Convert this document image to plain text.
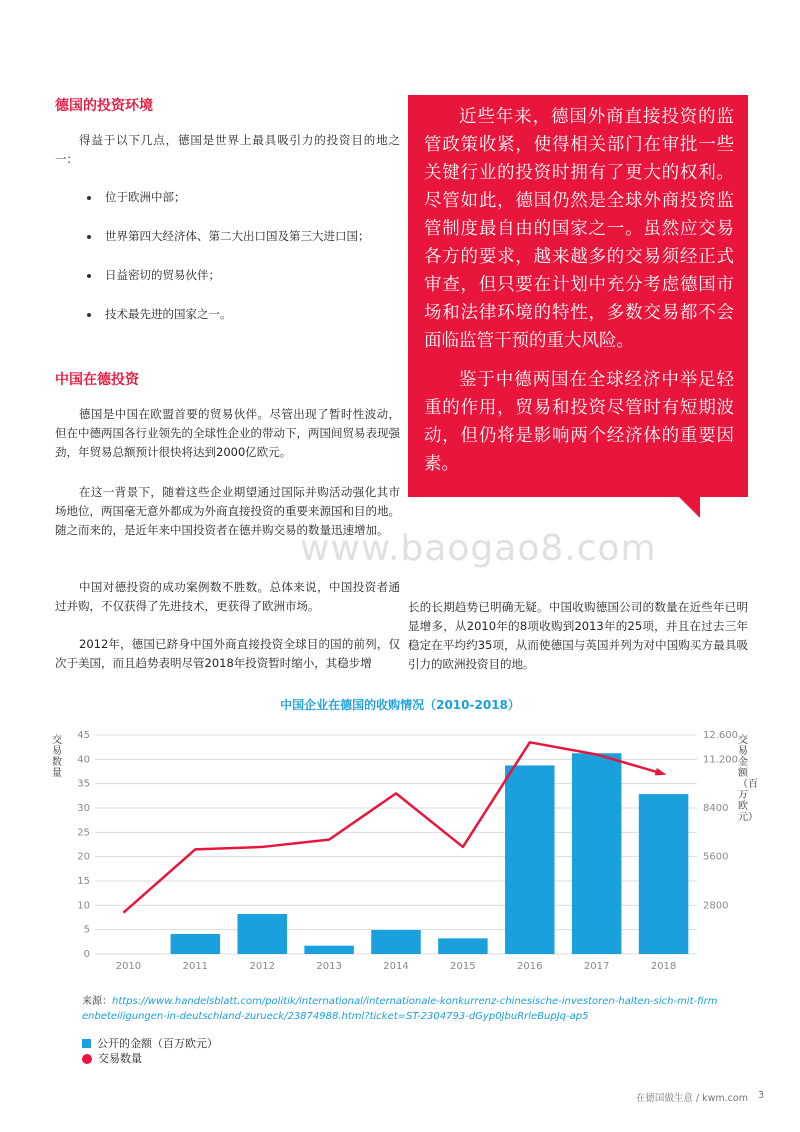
德国的投资环境
得益于以下几点，德国是世界上最具吸引力的投资目的地之一：
位于欧洲中部；
世界第四大经济体、第二大出口国及第三大进口国；
日益密切的贸易伙伴；
技术最先进的国家之一。
中国在德投资
德国是中国在欧盟首要的贸易伙伴。尽管出现了暂时性波动，但在中德两国各行业领先的全球性企业的带动下，两国间贸易表现强劲，年贸易总额预计很快将达到2000亿欧元。
在这一背景下，随着这些企业期望通过国际并购活动强化其市场地位，两国毫无意外都成为外商直接投资的重要来源国和目的地。随之而来的，是近年来中国投资者在德并购交易的数量迅速增加。
中国对德投资的成功案例数不胜数。总体来说，中国投资者通过并购，不仅获得了先进技术，更获得了欧洲市场。
2012年，德国已跻身中国外商直接投资全球目的国的前列，仅次于美国，而且趋势表明尽管2018年投资暂时缩小，其稳步增

近些年来，德国外商直接投资的监管政策收紧，使得相关部门在审批一些关键行业的投资时拥有了更大的权利。尽管如此，德国仍然是全球外商投资监管制度最自由的国家之一。虽然应交易各方的要求，越来越多的交易须经正式审查，但只要在计划中充分考虑德国市场和法律环境的特性，多数交易都不会面临监管干预的重大风险。

鉴于中德两国在全球经济中举足轻重的作用，贸易和投资尽管时有短期波动，但仍将是影响两个经济体的重要因素。

长的长期趋势已明确无疑。中国收购德国公司的数量在近些年已明显增多，从2010年的8项收购到2013年的25项，并且在过去三年稳定在平均约35项，从而使德国与英国并列为对中国购买方最具吸引力的欧洲投资目的地。
www.baogao8.com
中国企业在德国的收购情况（2010-2018）
交易数量
交易金额（百万欧元）
0
5
10
15
20
25
30
35
40
45
2800
5600
8400
11.200
12.600
2010	2011	2012	2013	2014	2015	2016	2017	2018
来源：https://www.handelsblatt.com/politik/international/internationale-konkurrenz-chinesische-investoren-halten-sich-mit-firmenbeteiligungen-in-deutschland-zurueck/23874988.html?ticket=ST-2304793-dGyp0JbuRrleBupJq-ap5
公开的金额（百万欧元）
交易数量
在德国做生意 / kwm.com 3
